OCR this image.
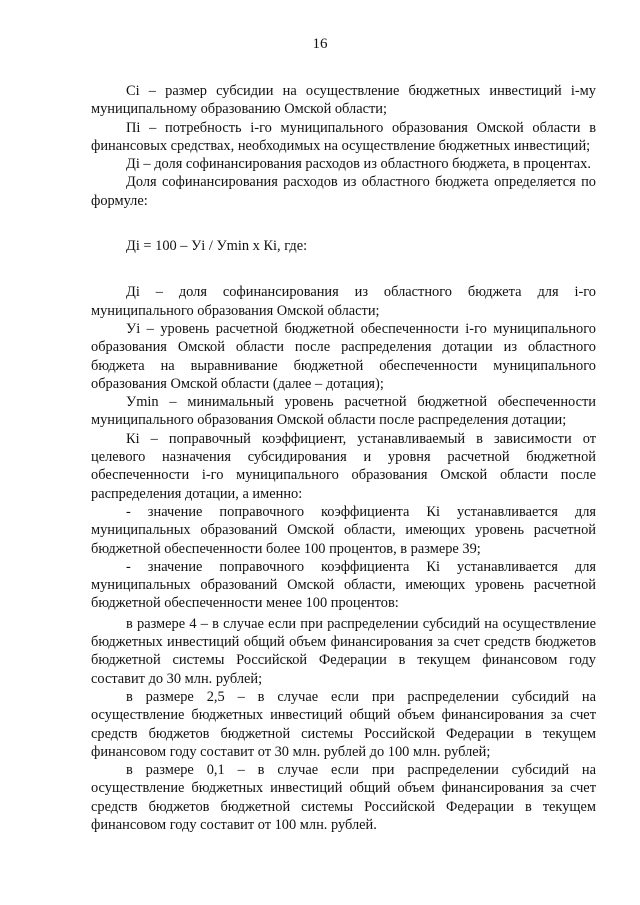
16

Сi – размер субсидии на осуществление бюджетных инвестиций i-му муниципальному образованию Омской области;

Пi – потребность i-го муниципального образования Омской области в финансовых средствах, необходимых на осуществление бюджетных инвестиций;

Дi – доля софинансирования расходов из областного бюджета, в процентах.

Доля софинансирования расходов из областного бюджета определяется по формуле:

Дi = 100 – Уi / Уmin x Кi, где:

Дi – доля софинансирования из областного бюджета для i-го муниципального образования Омской области;

Уi – уровень расчетной бюджетной обеспеченности i-го муниципального образования Омской области после распределения дотации из областного бюджета на выравнивание бюджетной обеспеченности муниципального образования Омской области (далее – дотация);

Уmin – минимальный уровень расчетной бюджетной обеспеченности муниципального образования Омской области после распределения дотации;

Кi – поправочный коэффициент, устанавливаемый в зависимости от целевого назначения субсидирования и уровня расчетной бюджетной обеспеченности i-го муниципального образования Омской области после распределения дотации, а именно:

- значение поправочного коэффициента Кi устанавливается для муниципальных образований Омской области, имеющих уровень расчетной бюджетной обеспеченности более 100 процентов, в размере 39;

- значение поправочного коэффициента Кi устанавливается для муниципальных образований Омской области, имеющих уровень расчетной бюджетной обеспеченности менее 100 процентов:

в размере 4 – в случае если при распределении субсидий на осуществление бюджетных инвестиций общий объем финансирования за счет средств бюджетов бюджетной системы Российской Федерации в текущем финансовом году составит до 30 млн. рублей;

в размере 2,5 – в случае если при распределении субсидий на осуществление бюджетных инвестиций общий объем финансирования за счет средств бюджетов бюджетной системы Российской Федерации в текущем финансовом году составит от 30 млн. рублей до 100 млн. рублей;

в размере 0,1 – в случае если при распределении субсидий на осуществление бюджетных инвестиций общий объем финансирования за счет средств бюджетов бюджетной системы Российской Федерации в текущем финансовом году составит от 100 млн. рублей.
